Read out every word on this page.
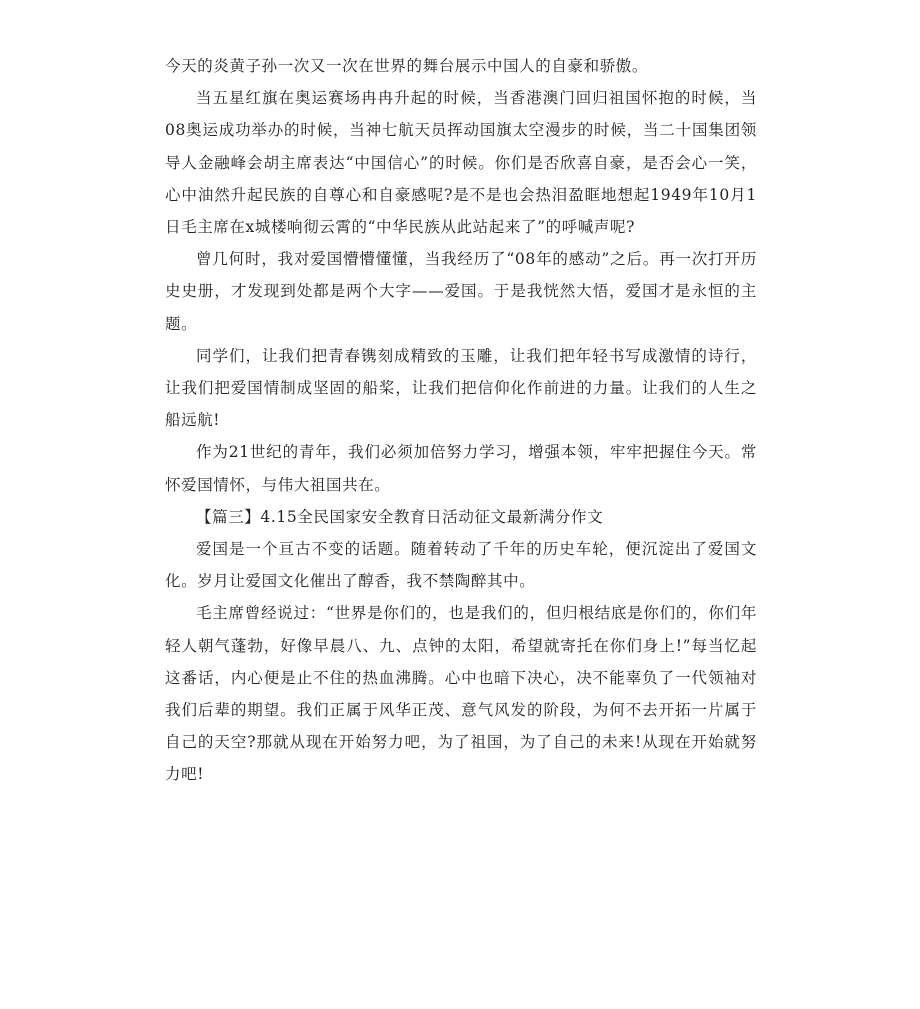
今天的炎黄子孙一次又一次在世界的舞台展示中国人的自豪和骄傲。

当五星红旗在奥运赛场冉冉升起的时候，当香港澳门回归祖国怀抱的时候，当08奥运成功举办的时候，当神七航天员挥动国旗太空漫步的时候，当二十国集团领导人金融峰会胡主席表达“中国信心”的时候。你们是否欣喜自豪，是否会心一笑，心中油然升起民族的自尊心和自豪感呢?是不是也会热泪盈眶地想起1949年10月1日毛主席在x城楼响彻云霄的“中华民族从此站起来了”的呼喊声呢?

曾几何时，我对爱国懵懵懂懂，当我经历了“08年的感动”之后。再一次打开历史史册，才发现到处都是两个大字——爱国。于是我恍然大悟，爱国才是永恒的主题。

同学们，让我们把青春镌刻成精致的玉雕，让我们把年轻书写成激情的诗行，让我们把爱国情制成坚固的船桨，让我们把信仰化作前进的力量。让我们的人生之船远航!

作为21世纪的青年，我们必须加倍努力学习，增强本领，牢牢把握住今天。常怀爱国情怀，与伟大祖国共在。

【篇三】4.15全民国家安全教育日活动征文最新满分作文

爱国是一个亘古不变的话题。随着转动了千年的历史车轮，便沉淀出了爱国文化。岁月让爱国文化催出了醇香，我不禁陶醉其中。

毛主席曾经说过：“世界是你们的，也是我们的，但归根结底是你们的，你们年轻人朝气蓬勃，好像早晨八、九、点钟的太阳，希望就寄托在你们身上!”每当忆起这番话，内心便是止不住的热血沸腾。心中也暗下决心，决不能辜负了一代领袖对我们后辈的期望。我们正属于风华正茂、意气风发的阶段，为何不去开拓一片属于自己的天空?那就从现在开始努力吧，为了祖国，为了自己的未来!从现在开始就努力吧!
